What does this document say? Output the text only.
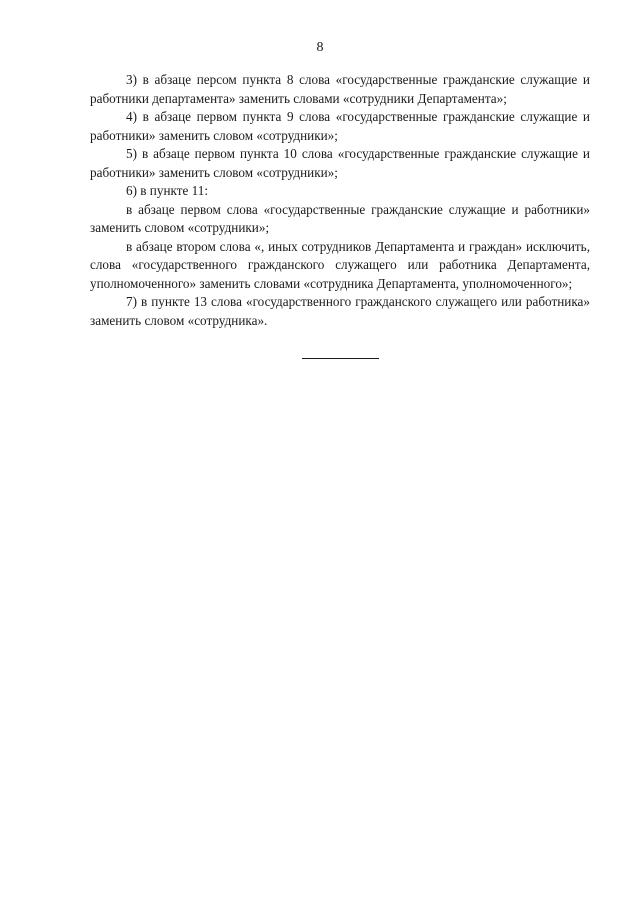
8

3) в абзаце персом пункта 8 слова «государственные гражданские служащие и работники департамента» заменить словами «сотрудники Департамента»;

4) в абзаце первом пункта 9 слова «государственные гражданские служащие и работники» заменить словом «сотрудники»;

5) в абзаце первом пункта 10 слова «государственные гражданские служащие и работники» заменить словом «сотрудники»;

6) в пункте 11:

в абзаце первом слова «государственные гражданские служащие и работники» заменить словом «сотрудники»;

в абзаце втором слова «, иных сотрудников Департамента и граждан» исключить, слова «государственного гражданского служащего или работника Департамента, уполномоченного» заменить словами «сотрудника Департамента, уполномоченного»;

7) в пункте 13 слова «государственного гражданского служащего или работника» заменить словом «сотрудника».
